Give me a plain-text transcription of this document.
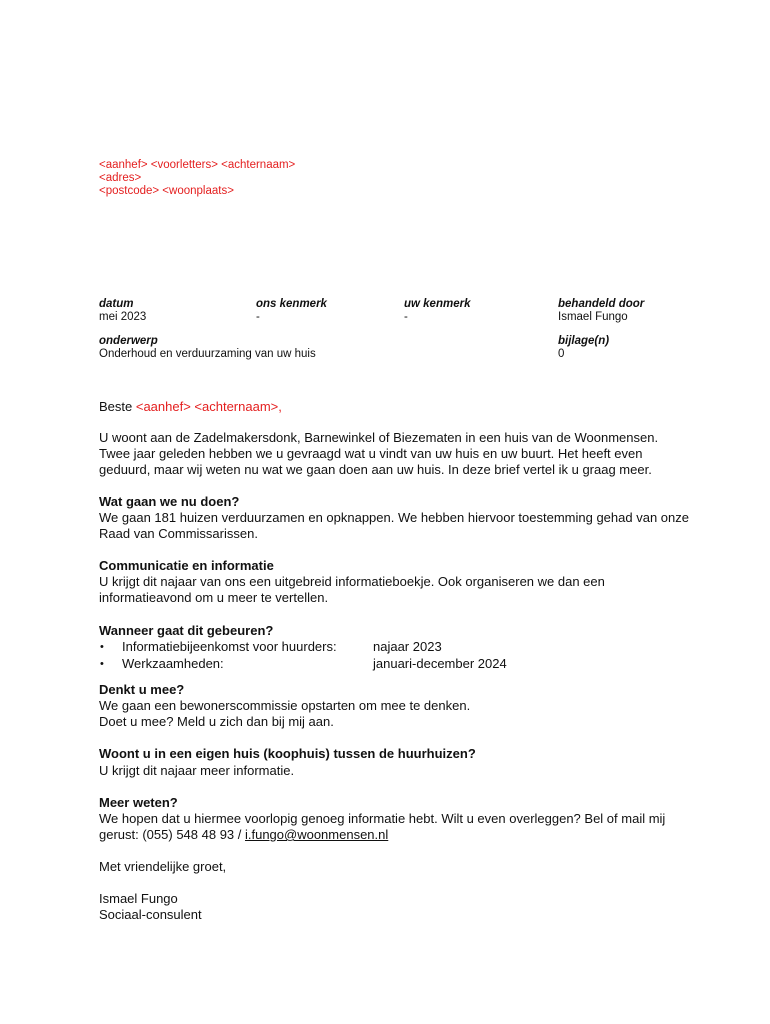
<aanhef> <voorletters> <achternaam>
<adres>
<postcode> <woonplaats>
datum
mei 2023
ons kenmerk
-
uw kenmerk
-
behandeld door
Ismael Fungo
onderwerp
Onderhoud en verduurzaming van uw huis
bijlage(n)
0
Beste <aanhef> <achternaam>,
U woont aan de Zadelmakersdonk, Barnewinkel of Biezematen in een huis van de Woonmensen.
Twee jaar geleden hebben we u gevraagd wat u vindt van uw huis en uw buurt. Het heeft even
geduurd, maar wij weten nu wat we gaan doen aan uw huis. In deze brief vertel ik u graag meer.
Wat gaan we nu doen?
We gaan 181 huizen verduurzamen en opknappen. We hebben hiervoor toestemming gehad van onze
Raad van Commissarissen.
Communicatie en informatie
U krijgt dit najaar van ons een uitgebreid informatieboekje. Ook organiseren we dan een
informatieavond om u meer te vertellen.
Wanneer gaat dit gebeuren?
• Informatiebijeenkomst voor huurders:	najaar 2023
• Werkzaamheden:	januari-december 2024
Denkt u mee?
We gaan een bewonerscommissie opstarten om mee te denken.
Doet u mee? Meld u zich dan bij mij aan.
Woont u in een eigen huis (koophuis) tussen de huurhuizen?
U krijgt dit najaar meer informatie.
Meer weten?
We hopen dat u hiermee voorlopig genoeg informatie hebt. Wilt u even overleggen? Bel of mail mij
gerust: (055) 548 48 93 / i.fungo@woonmensen.nl
Met vriendelijke groet,
Ismael Fungo
Sociaal-consulent
